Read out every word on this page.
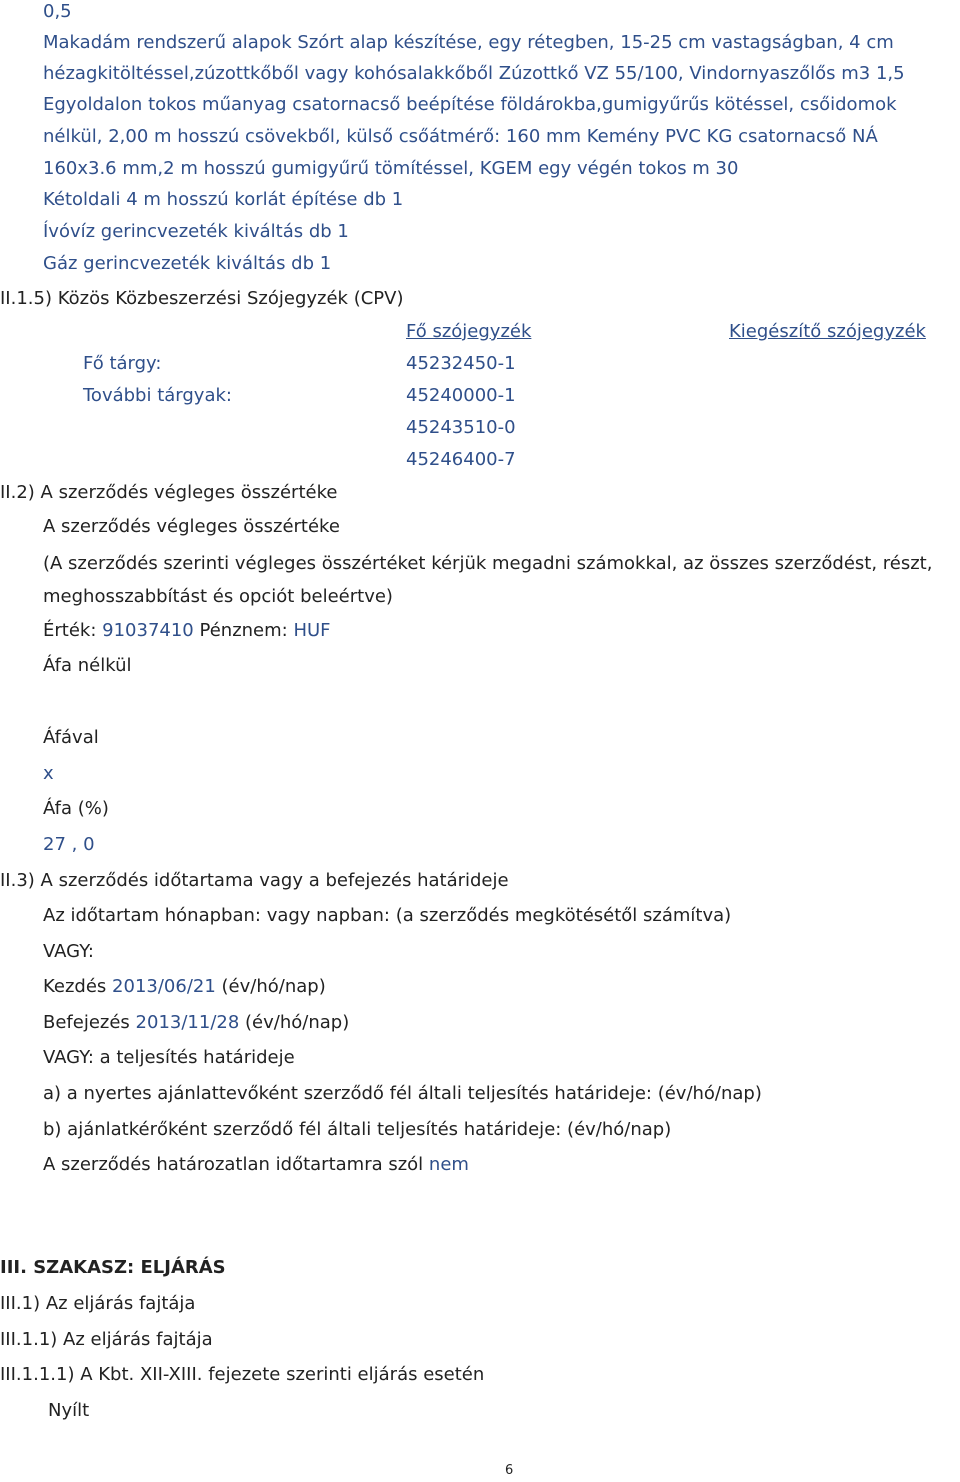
0,5

Makadám rendszerű alapok Szórt alap készítése, egy rétegben, 15-25 cm vastagságban, 4 cm

hézagkitöltéssel,zúzottkőből vagy kohósalakkőből Zúzottkő VZ 55/100, Vindornyaszőlős m3 1,5

Egyoldalon tokos műanyag csatornacső beépítése földárokba,gumigyűrűs kötéssel, csőidomok

nélkül, 2,00 m hosszú csövekből, külső csőátmérő: 160 mm Kemény PVC KG csatornacső NÁ

160x3.6 mm,2 m hosszú gumigyűrű tömítéssel, KGEM egy végén tokos m 30

Kétoldali 4 m hosszú korlát építése db 1

Ívóvíz gerincvezeték kiváltás db 1

Gáz gerincvezeték kiváltás db 1

II.1.5) Közös Közbeszerzési Szójegyzék (CPV)

Fő szójegyzék	Kiegészítő szójegyzék

Fő tárgy:	45232450-1

További tárgyak:	45240000-1

45243510-0

45246400-7

II.2) A szerződés végleges összértéke

A szerződés végleges összértéke

(A szerződés szerinti végleges összértéket kérjük megadni számokkal, az összes szerződést, részt,

meghosszabbítást és opciót beleértve)

Érték: 91037410 Pénznem: HUF

Áfa nélkül

Áfával

x

Áfa (%)

27 , 0

II.3) A szerződés időtartama vagy a befejezés határideje

Az időtartam hónapban: vagy napban: (a szerződés megkötésétől számítva)

VAGY:

Kezdés 2013/06/21 (év/hó/nap)

Befejezés 2013/11/28 (év/hó/nap)

VAGY: a teljesítés határideje

a) a nyertes ajánlattevőként szerződő fél általi teljesítés határideje: (év/hó/nap)

b) ajánlatkérőként szerződő fél általi teljesítés határideje: (év/hó/nap)

A szerződés határozatlan időtartamra szól nem

III. SZAKASZ: ELJÁRÁS

III.1) Az eljárás fajtája

III.1.1) Az eljárás fajtája

III.1.1.1) A Kbt. XII-XIII. fejezete szerinti eljárás esetén

Nyílt

6
